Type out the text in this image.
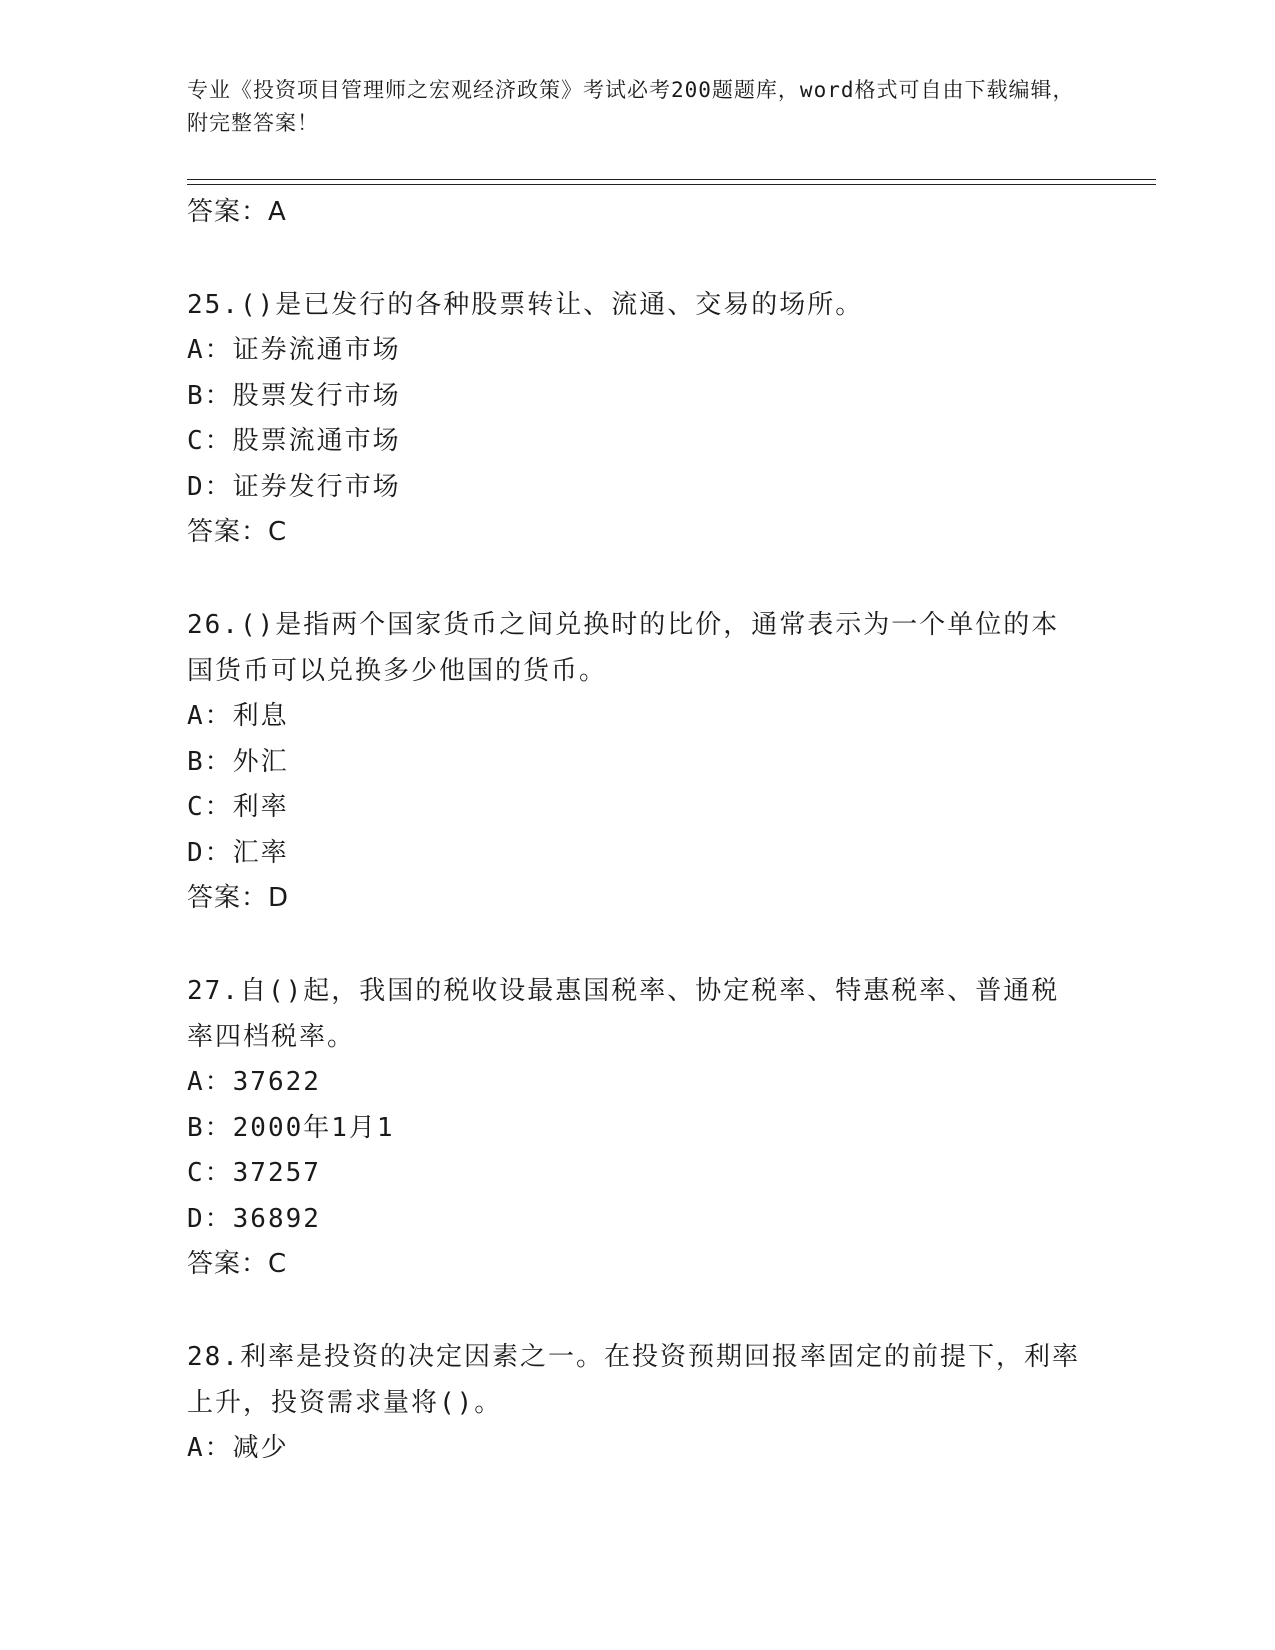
专业《投资项目管理师之宏观经济政策》考试必考200题题库，word格式可自由下载编辑，附完整答案！
答案：A
25.()是已发行的各种股票转让、流通、交易的场所。
A：证券流通市场
B：股票发行市场
C：股票流通市场
D：证券发行市场
答案：C
26.()是指两个国家货币之间兑换时的比价，通常表示为一个单位的本国货币可以兑换多少他国的货币。
A：利息
B：外汇
C：利率
D：汇率
答案：D
27.自()起，我国的税收设最惠国税率、协定税率、特惠税率、普通税率四档税率。
A：37622
B：2000年1月1
C：37257
D：36892
答案：C
28.利率是投资的决定因素之一。在投资预期回报率固定的前提下，利率上升，投资需求量将()。
A：减少
